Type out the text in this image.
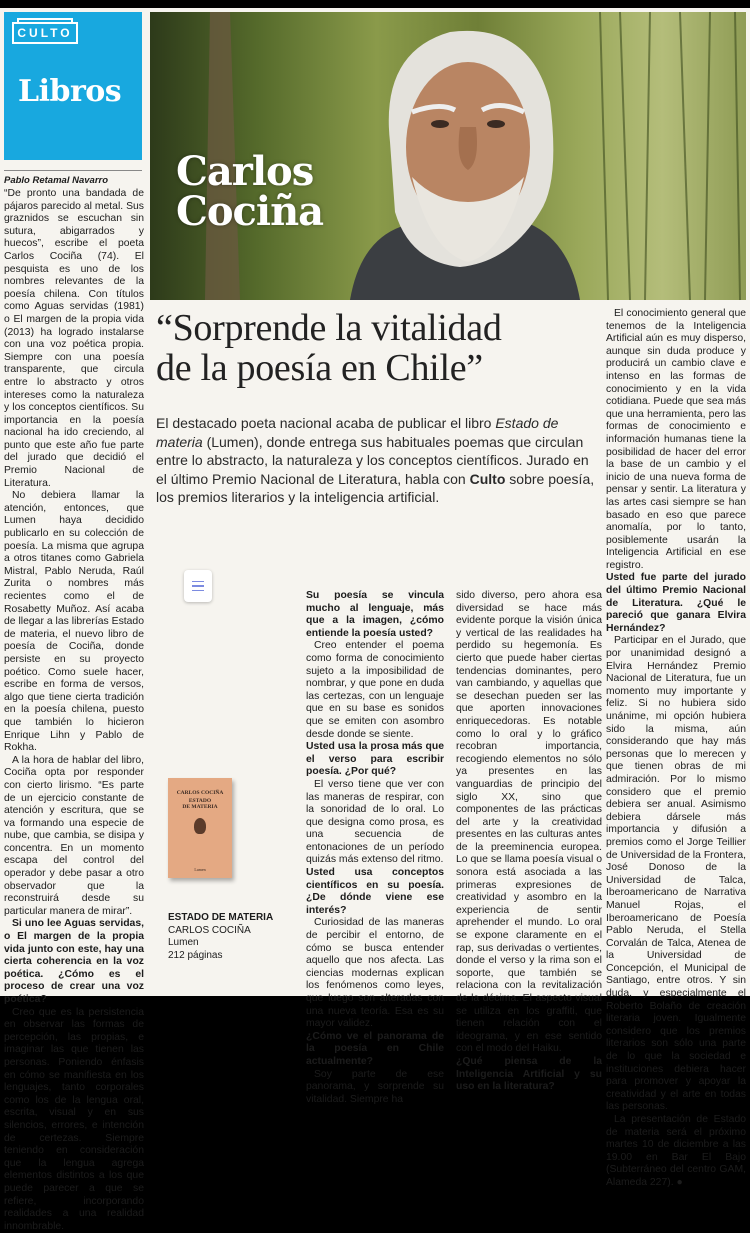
CULTO
Libros
Carlos
Cociña
Pablo Retamal Navarro

“De pronto una bandada de pájaros parecido al metal. Sus graznidos se escuchan sin sutura, abigarrados y huecos”, escribe el poeta Carlos Cociña (74). El pesquista es uno de los nombres relevantes de la poesía chilena. Con títulos como Aguas servidas (1981) o El margen de la propia vida (2013) ha logrado instalarse con una voz poética propia. Siempre con una poesía transparente, que circula entre lo abstracto y otros intereses como la naturaleza y los conceptos científicos. Su importancia en la poesía nacional ha ido creciendo, al punto que este año fue parte del jurado que decidió el Premio Nacional de Literatura.

No debiera llamar la atención, entonces, que Lumen haya decidido publicarlo en su colección de poesía. La misma que agrupa a otros titanes como Gabriela Mistral, Pablo Neruda, Raúl Zurita o nombres más recientes como el de Rosabetty Muñoz. Así acaba de llegar a las librerías Estado de materia, el nuevo libro de poesía de Cociña, donde persiste en su proyecto poético. Como suele hacer, escribe en forma de versos, algo que tiene cierta tradición en la poesía chilena, puesto que también lo hicieron Enrique Lihn y Pablo de Rokha.

A la hora de hablar del libro, Cociña opta por responder con cierto lirismo. “Es parte de un ejercicio constante de atención y escritura, que se va formando una especie de nube, que cambia, se disipa y concentra. En un momento escapa del control del operador y debe pasar a otro observador que la reconstruirá desde su particular manera de mirar”.

Si uno lee Aguas servidas, o El margen de la propia vida junto con este, hay una cierta coherencia en la voz poética. ¿Cómo es el proceso de crear una voz poética?

Creo que es la persistencia en observar las formas de percepción, las propias, e imaginar las que tienen las personas. Poniendo énfasis en cómo se manifiesta en los lenguajes, tanto corporales como los de la lengua oral, escrita, visual y en sus silencios, errores, e intención de certezas. Siempre teniendo en consideración que la lengua agrega elementos distintos a los que puede parecer a que se refiere, incorporando realidades a una realidad innombrable.

“Sorprende la vitalidad
de la poesía en Chile”
El destacado poeta nacional acaba de publicar el libro Estado de materia (Lumen), donde entrega sus habituales poemas que circulan entre lo abstracto, la naturaleza y los conceptos científicos. Jurado en el último Premio Nacional de Literatura, habla con Culto sobre poesía, los premios literarios y la inteligencia artificial.
CARLOS COCIÑA
ESTADO
DE MATERIA
Lumen
ESTADO DE MATERIA
CARLOS COCIÑA
Lumen
212 páginas

Su poesía se vincula mucho al lenguaje, más que a la imagen, ¿cómo entiende la poesía usted?

Creo entender el poema como forma de conocimiento sujeto a la imposibilidad de nombrar, y que pone en duda las certezas, con un lenguaje que en su base es sonidos que se emiten con asombro desde donde se siente.

Usted usa la prosa más que el verso para escribir poesía. ¿Por qué?

El verso tiene que ver con las maneras de respirar, con la sonoridad de lo oral. Lo que designa como prosa, es una secuencia de entonaciones de un período quizás más extenso del ritmo.

Usted usa conceptos científicos en su poesía. ¿De dónde viene ese interés?

Curiosidad de las maneras de percibir el entorno, de cómo se busca entender aquello que nos afecta. Las ciencias modernas explican los fenómenos como leyes, que luego son alteradas con una nueva teoría. Esa es su mayor validez.

¿Cómo ve el panorama de la poesía en Chile actualmente?

Soy parte de ese panorama, y sorprende su vitalidad. Siempre ha

sido diverso, pero ahora esa diversidad se hace más evidente porque la visión única y vertical de las realidades ha perdido su hegemonía. Es cierto que puede haber ciertas tendencias dominantes, pero van cambiando, y aquellas que se desechan pueden ser las que aporten innovaciones enriquecedoras. Es notable como lo oral y lo gráfico recobran importancia, recogiendo elementos no sólo ya presentes en las vanguardias de principio del siglo XX, sino que componentes de las prácticas del arte y la creatividad presentes en las culturas antes de la preeminencia europea. Lo que se llama poesía visual o sonora está asociada a las primeras expresiones de creatividad y asombro en la experiencia de sentir aprehender el mundo. Lo oral se expone claramente en el rap, sus derivadas o vertientes, donde el verso y la rima son el soporte, que también se relaciona con la revitalización de la décima. El aspecto visual se utiliza en los graffiti, que tienen relación con el ideograma, y en ese sentido con el modo del Haiku.

¿Qué piensa de la Inteligencia Artificial y su uso en la literatura?

El conocimiento general que tenemos de la Inteligencia Artificial aún es muy disperso, aunque sin duda produce y producirá un cambio clave e intenso en las formas de conocimiento y en la vida cotidiana. Puede que sea más que una herramienta, pero las formas de conocimiento e información humanas tiene la posibilidad de hacer del error la base de un cambio y el inicio de una nueva forma de pensar y sentir. La literatura y las artes casi siempre se han basado en eso que parece anomalía, por lo tanto, posiblemente usarán la Inteligencia Artificial en ese registro.

Usted fue parte del jurado del último Premio Nacional de Literatura. ¿Qué le pareció que ganara Elvira Hernández?

Participar en el Jurado, que por unanimidad designó a Elvira Hernández Premio Nacional de Literatura, fue un momento muy importante y feliz. Si no hubiera sido unánime, mi opción hubiera sido la misma, aún considerando que hay más personas que lo merecen y que tienen obras de mi admiración. Por lo mismo considero que el premio debiera ser anual. Asimismo debiera dársele más importancia y difusión a premios como el Jorge Teillier de Universidad de la Frontera, José Donoso de la Universidad de Talca, Iberoamericano de Narrativa Manuel Rojas, el Iberoamericano de Poesía Pablo Neruda, el Stella Corvalán de Talca, Atenea de la Universidad de Concepción, el Municipal de Santiago, entre otros. Y sin duda, y especialmente el Roberto Bolaño de creación literaria joven. Igualmente considero que los premios literarios son sólo una parte de lo que la sociedad e instituciones debiera hacer para promover y apoyar la creatividad y el arte en todas las personas.

La presentación de Estado de materia será el próximo martes 10 de diciembre a las 19.00 en Bar El Bajo (Subterráneo del centro GAM, Alameda 227). ●
